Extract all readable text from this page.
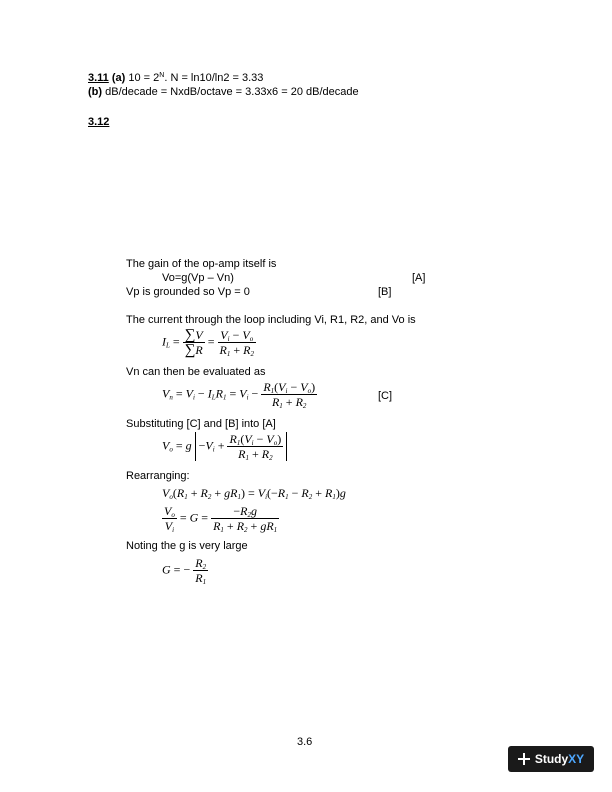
3.11 (a) $10 = 2^N$. N = ln10/ln2 = 3.33
(b) dB/decade = NxdB/octave = 3.33x6 = 20 dB/decade
3.12
The gain of the op-amp itself is
Vo=g(Vp – Vn)	[A]
Vp is grounded so Vp = 0	[B]
The current through the loop including Vi, R1, R2, and Vo is
$I_L = \frac{\sum V}{\sum R} = \frac{V_i - V_o}{R_1 + R_2}$
Vn can then be evaluated as
$V_n = V_i - I_LR_1 = V_i - \frac{R_1(V_i - V_o)}{R_1 + R_2}$	[C]
Substituting [C] and [B] into [A]
$V_o = g -V_i + \frac{R_1(V_i - V_o)}{R_1 + R_2}$
Rearranging:
$V_o(R_1 + R_2 + gR_1) = V_i(-R_1 - R_2 + R_1)g$
$\frac{V_o}{V_i} = G = \frac{-R_2g}{R_1 + R_2 + gR_1}$
Noting the g is very large
G = − $\frac{R_2}{R_1}$
3.6
StudyXY
